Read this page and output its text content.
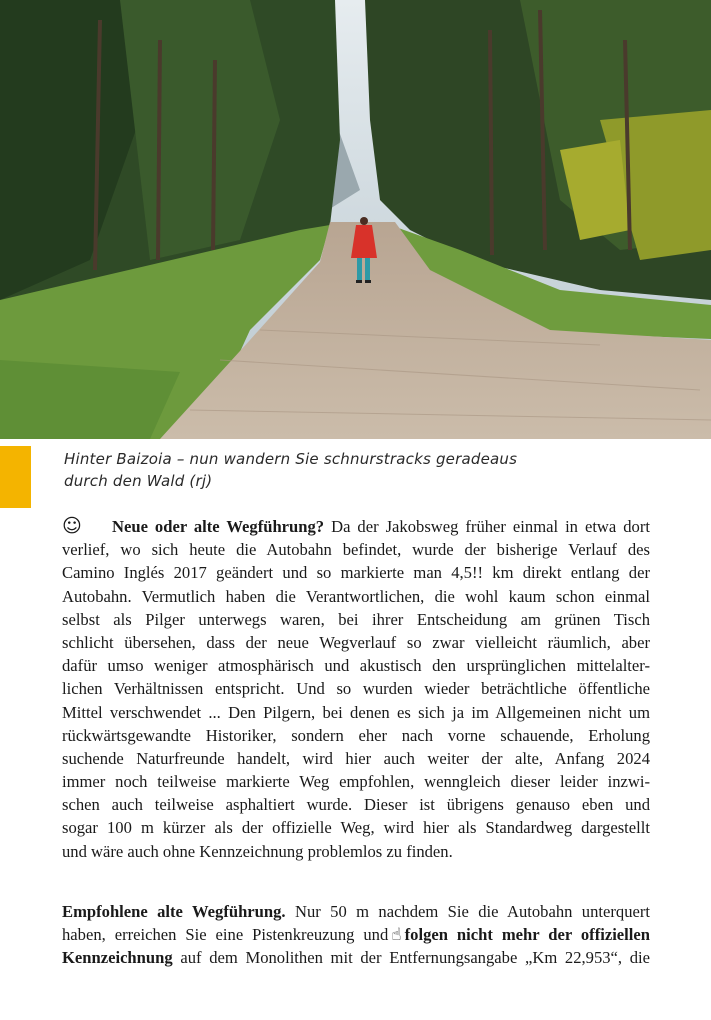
Hinter Baizoia – nun wandern Sie schnurstracks geradeaus
durch den Wald (rj)
☺ Neue oder alte Wegführung? Da der Jakobsweg früher einmal in etwa dort
verlief, wo sich heute die Autobahn befindet, wurde der bisherige Verlauf des
Camino Inglés 2017 geändert und so markierte man 4,5!! km direkt entlang der
Autobahn. Vermutlich haben die Verantwortlichen, die wohl kaum schon einmal
selbst als Pilger unterwegs waren, bei ihrer Entscheidung am grünen Tisch
schlicht übersehen, dass der neue Wegverlauf so zwar vielleicht räumlich, aber
dafür umso weniger atmosphärisch und akustisch den ursprünglichen mittelalter-
lichen Verhältnissen entspricht. Und so wurden wieder beträchtliche öffentliche
Mittel verschwendet ... Den Pilgern, bei denen es sich ja im Allgemeinen nicht um
rückwärtsgewandte Historiker, sondern eher nach vorne schauende, Erholung
suchende Naturfreunde handelt, wird hier auch weiter der alte, Anfang 2024
immer noch teilweise markierte Weg empfohlen, wenngleich dieser leider inzwi-
schen auch teilweise asphaltiert wurde. Dieser ist übrigens genauso eben und
sogar 100 m kürzer als der offizielle Weg, wird hier als Standardweg dargestellt
und wäre auch ohne Kennzeichnung problemlos zu finden.
Empfohlene alte Wegführung. Nur 50 m nachdem Sie die Autobahn unterquert
haben, erreichen Sie eine Pistenkreuzung und ☝ folgen nicht mehr der offiziellen
Kennzeichnung auf dem Monolithen mit der Entfernungsangabe „Km 22,953“, die
